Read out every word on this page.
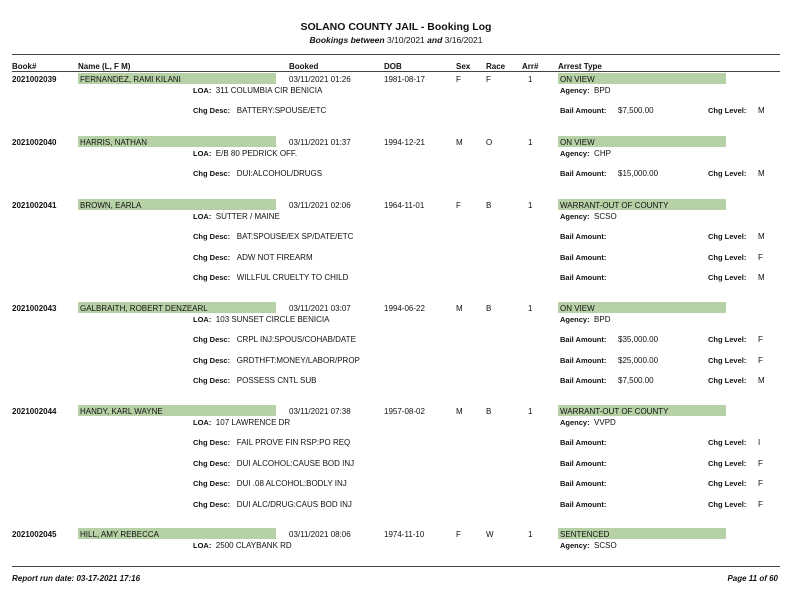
SOLANO COUNTY JAIL - Booking Log
Bookings between 3/10/2021 and 3/16/2021
Book#	Name (L, F M)	Booked	DOB	Sex Race Arr# Arrest Type
2021002039	FERNANDEZ, RAMI KILANI	03/11/2021 01:26	1981-08-17	F	F	1	ON VIEW
LOA: 311 COLUMBIA CIR BENICIA	Agency: BPD
Chg Desc: BATTERY:SPOUSE/ETC	Bail Amount: $7,500.00	Chg Level: M
2021002040	HARRIS, NATHAN	03/11/2021 01:37	1994-12-21	M	O	1	ON VIEW
LOA: E/B 80 PEDRICK OFF.	Agency: CHP
Chg Desc: DUI:ALCOHOL/DRUGS	Bail Amount: $15,000.00	Chg Level: M
2021002041	BROWN, EARLA	03/11/2021 02:06	1964-11-01	F	B	1	WARRANT-OUT OF COUNTY
LOA: SUTTER / MAINE	Agency: SCSO
Chg Desc: BAT:SPOUSE/EX SP/DATE/ETC	Bail Amount:	Chg Level: M
Chg Desc: ADW NOT FIREARM	Bail Amount:	Chg Level: F
Chg Desc: WILLFUL CRUELTY TO CHILD	Bail Amount:	Chg Level: M
2021002043	GALBRAITH, ROBERT DENZEARL	03/11/2021 03:07	1994-06-22	M	B	1	ON VIEW
LOA: 103 SUNSET CIRCLE BENICIA	Agency: BPD
Chg Desc: CRPL INJ:SPOUS/COHAB/DATE	Bail Amount: $35,000.00	Chg Level: F
Chg Desc: GRDTHFT:MONEY/LABOR/PROP	Bail Amount: $25,000.00	Chg Level: F
Chg Desc: POSSESS CNTL SUB	Bail Amount: $7,500.00	Chg Level: M
2021002044	HANDY, KARL WAYNE	03/11/2021 07:38	1957-08-02	M	B	1	WARRANT-OUT OF COUNTY
LOA: 107 LAWRENCE DR	Agency: VVPD
Chg Desc: FAIL PROVE FIN RSP:PO REQ	Bail Amount:	Chg Level: I
Chg Desc: DUI ALCOHOL:CAUSE BOD INJ	Bail Amount:	Chg Level: F
Chg Desc: DUI .08 ALCOHOL:BODLY INJ	Bail Amount:	Chg Level: F
Chg Desc: DUI ALC/DRUG:CAUS BOD INJ	Bail Amount:	Chg Level: F
2021002045	HILL, AMY REBECCA	03/11/2021 08:06	1974-11-10	F	W	1	SENTENCED
LOA: 2500 CLAYBANK RD	Agency: SCSO
Report run date: 03-17-2021 17:16	Page 11 of 60
